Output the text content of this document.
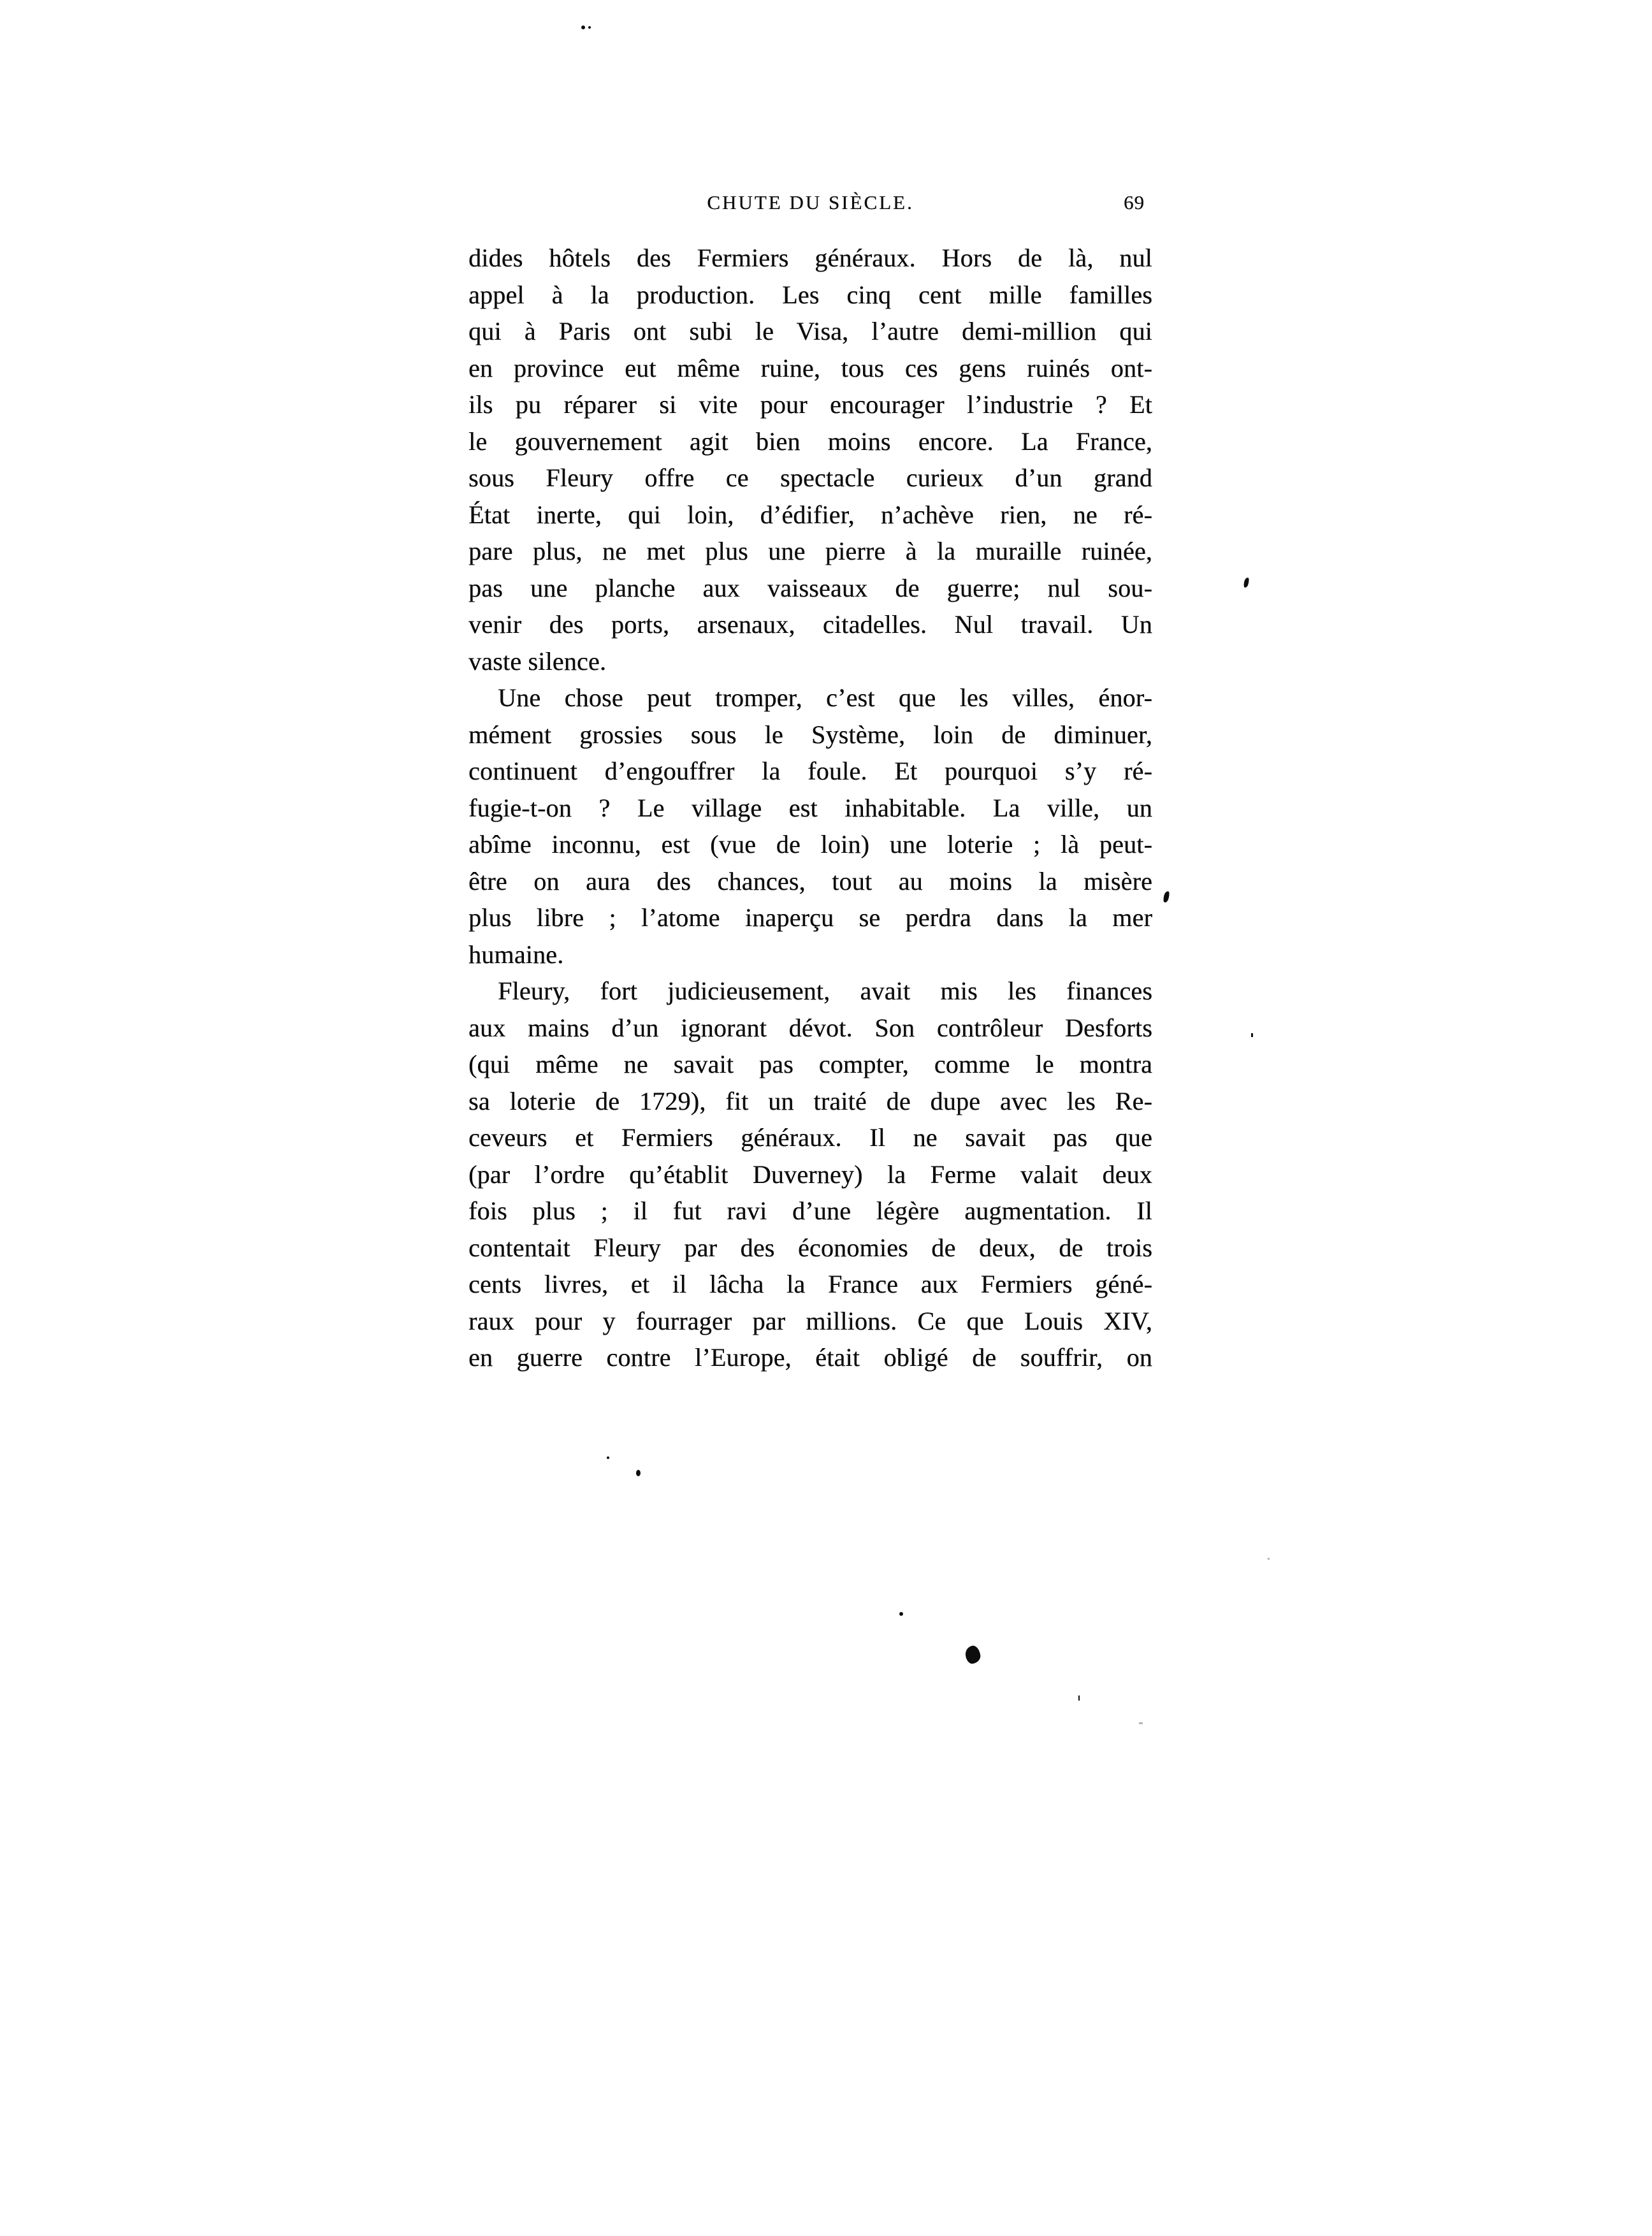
CHUTE DU SIÈCLE.	69
dides hôtels des Fermiers généraux. Hors de là, nul
appel à la production. Les cinq cent mille familles
qui à Paris ont subi le Visa, l’autre demi-million qui
en province eut même ruine, tous ces gens ruinés ont-
ils pu réparer si vite pour encourager l’industrie ? Et
le gouvernement agit bien moins encore. La France,
sous Fleury offre ce spectacle curieux d’un grand
État inerte, qui loin, d’édifier, n’achève rien, ne ré-
pare plus, ne met plus une pierre à la muraille ruinée,
pas une planche aux vaisseaux de guerre; nul sou-
venir des ports, arsenaux, citadelles. Nul travail. Un
vaste silence.
Une chose peut tromper, c’est que les villes, énor-
mément grossies sous le Système, loin de diminuer,
continuent d’engouffrer la foule. Et pourquoi s’y ré-
fugie-t-on ? Le village est inhabitable. La ville, un
abîme inconnu, est (vue de loin) une loterie ; là peut-
être on aura des chances, tout au moins la misère
plus libre ; l’atome inaperçu se perdra dans la mer
humaine.
Fleury, fort judicieusement, avait mis les finances
aux mains d’un ignorant dévot. Son contrôleur Desforts
(qui même ne savait pas compter, comme le montra
sa loterie de 1729), fit un traité de dupe avec les Re-
ceveurs et Fermiers généraux. Il ne savait pas que
(par l’ordre qu’établit Duverney) la Ferme valait deux
fois plus ; il fut ravi d’une légère augmentation. Il
contentait Fleury par des économies de deux, de trois
cents livres, et il lâcha la France aux Fermiers géné-
raux pour y fourrager par millions. Ce que Louis XIV,
en guerre contre l’Europe, était obligé de souffrir, on
